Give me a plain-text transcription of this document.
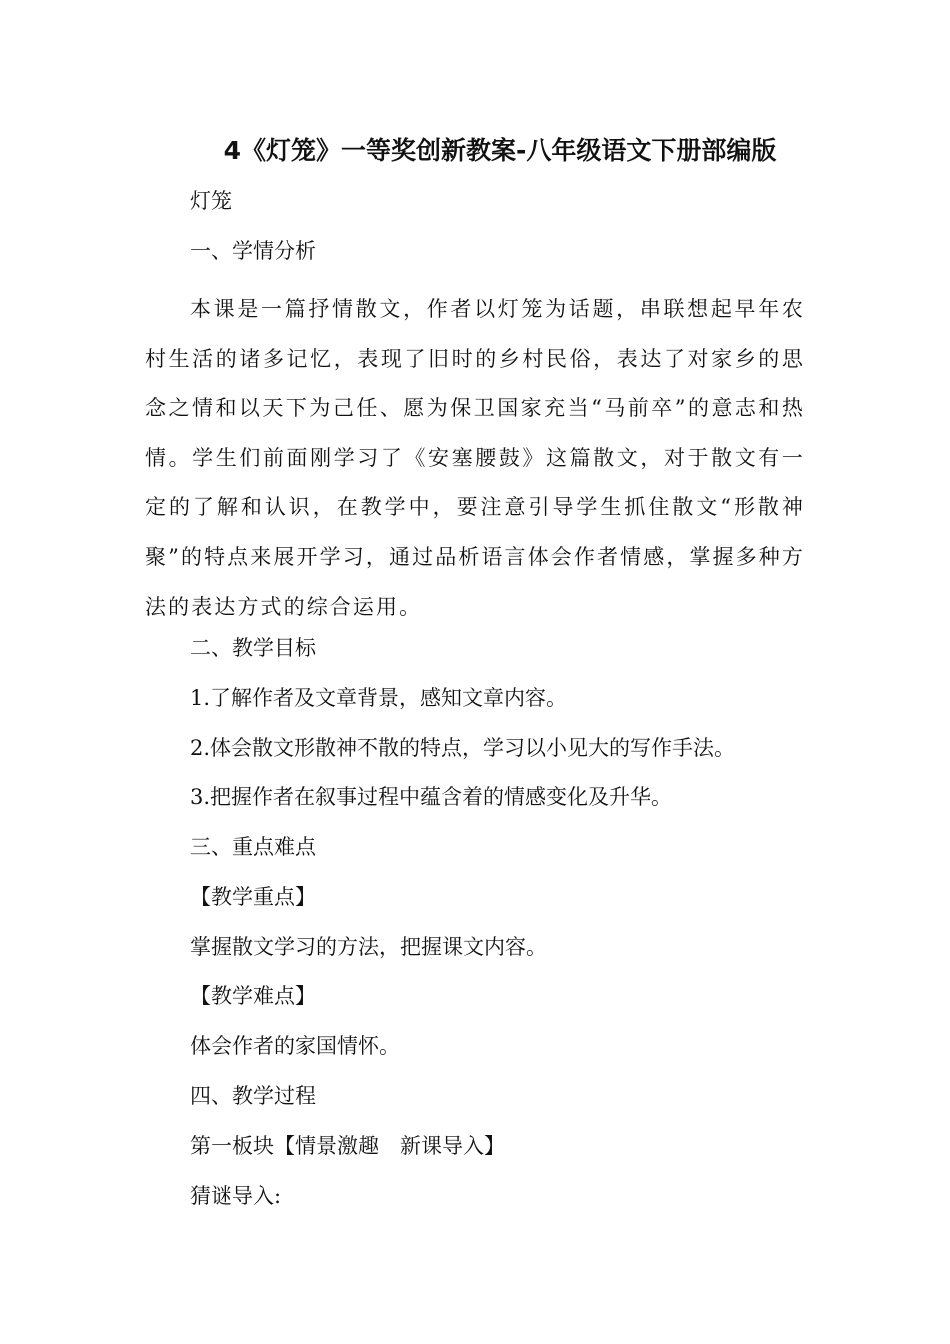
4《灯笼》一等奖创新教案-八年级语文下册部编版
灯笼
一、学情分析
本课是一篇抒情散文，作者以灯笼为话题，串联想起早年农村生活的诸多记忆，表现了旧时的乡村民俗，表达了对家乡的思念之情和以天下为己任、愿为保卫国家充当“马前卒”的意志和热情。学生们前面刚学习了《安塞腰鼓》这篇散文，对于散文有一定的了解和认识，在教学中，要注意引导学生抓住散文“形散神聚”的特点来展开学习，通过品析语言体会作者情感，掌握多种方法的表达方式的综合运用。
二、教学目标
1.了解作者及文章背景，感知文章内容。
2.体会散文形散神不散的特点，学习以小见大的写作手法。
3.把握作者在叙事过程中蕴含着的情感变化及升华。
三、重点难点
【教学重点】
掌握散文学习的方法，把握课文内容。
【教学难点】
体会作者的家国情怀。
四、教学过程
第一板块【情景激趣　新课导入】
猜谜导入:
